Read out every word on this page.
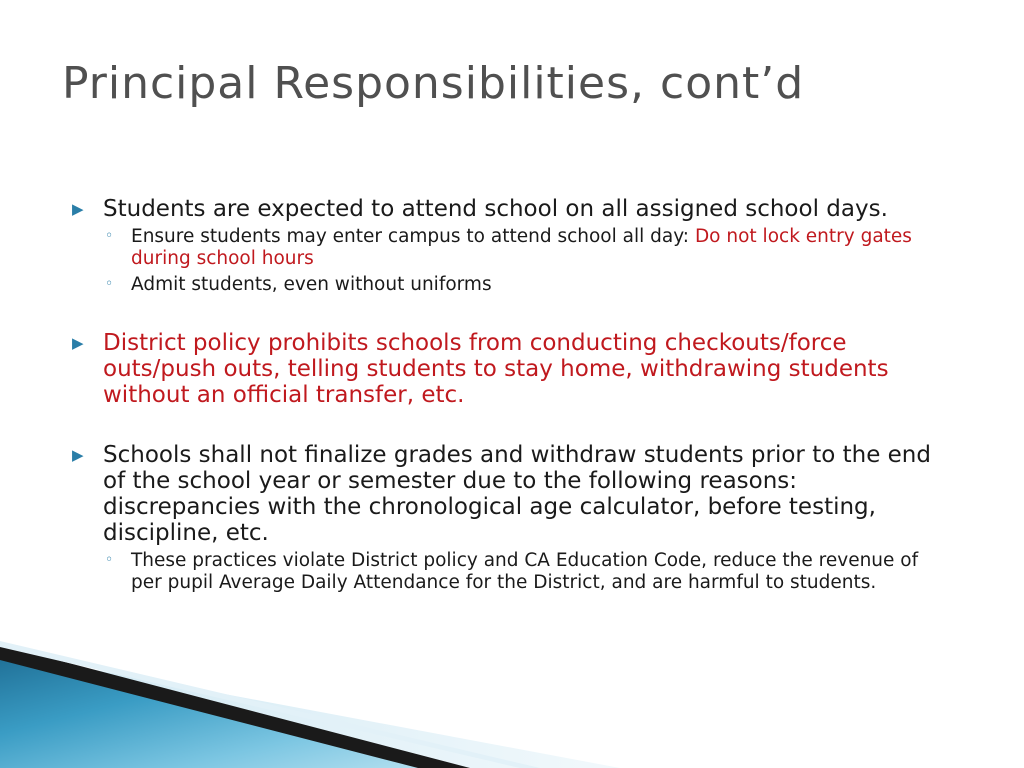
Principal Responsibilities, cont’d
▶ Students are expected to attend school on all assigned school days.
◦ Ensure students may enter campus to attend school all day: Do not lock entry gates during school hours
◦ Admit students, even without uniforms
▶ District policy prohibits schools from conducting checkouts/force outs/push outs, telling students to stay home, withdrawing students without an official transfer, etc.
▶ Schools shall not finalize grades and withdraw students prior to the end of the school year or semester due to the following reasons: discrepancies with the chronological age calculator, before testing, discipline, etc.
◦ These practices violate District policy and CA Education Code, reduce the revenue of per pupil Average Daily Attendance for the District, and are harmful to students.
